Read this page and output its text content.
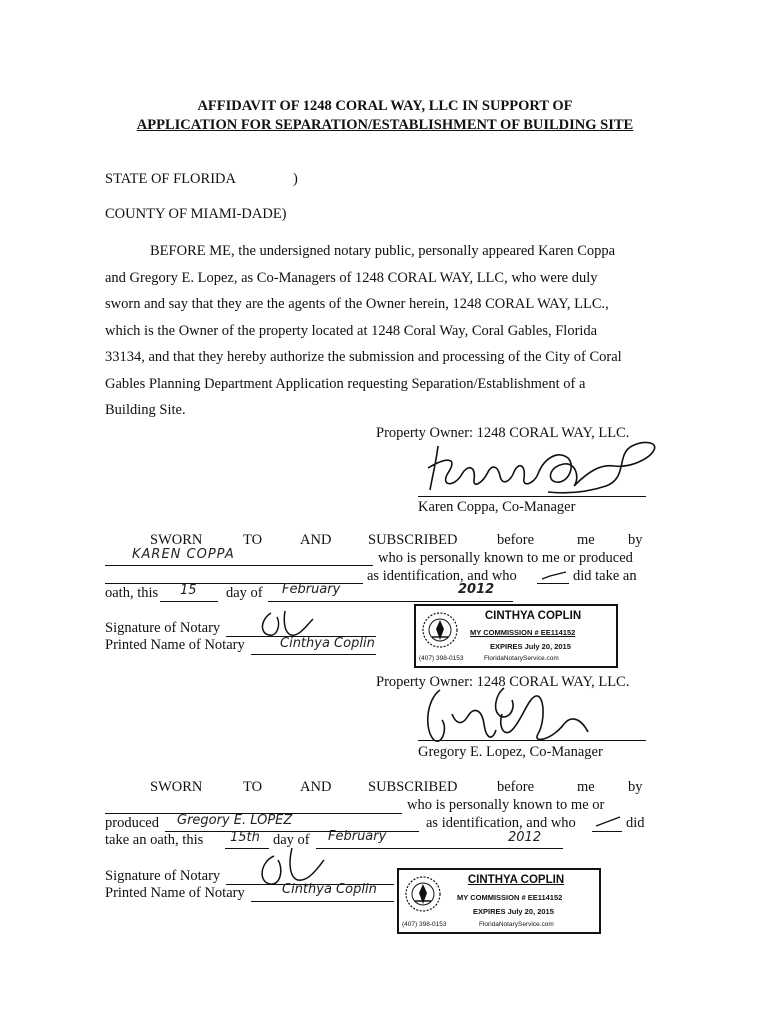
AFFIDAVIT OF 1248 CORAL WAY, LLC IN SUPPORT OF
APPLICATION FOR SEPARATION/ESTABLISHMENT OF BUILDING SITE
STATE OF FLORIDA	)
COUNTY OF MIAMI-DADE)
BEFORE ME, the undersigned notary public, personally appeared Karen Coppa
and Gregory E. Lopez, as Co-Managers of 1248 CORAL WAY, LLC, who were duly
sworn and say that they are the agents of the Owner herein, 1248 CORAL WAY, LLC.,
which is the Owner of the property located at 1248 Coral Way, Coral Gables, Florida
33134, and that they hereby authorize the submission and processing of the City of Coral
Gables Planning Department Application requesting Separation/Establishment of a
Building Site.
Property Owner: 1248 CORAL WAY, LLC.
Karen Coppa, Co-Manager
SWORN	TO	AND	SUBSCRIBED	before	me by
KAREN COPPA	who is personally known to me or produced
as identification, and who	did take an
oath, this 15 day of February	2012
Signature of Notary
Printed Name of Notary	Cinthya Coplin
CINTHYA COPLIN
MY COMMISSION # EE114152
EXPIRES July 20, 2015
(407) 398-0153	FloridaNotaryService.com
Property Owner: 1248 CORAL WAY, LLC.
Gregory E. Lopez, Co-Manager
SWORN	TO	AND	SUBSCRIBED	before	me by
who is personally known to me or
produced Gregory E. LOPEZ	as identification, and who	did
take an oath, this 15th day of February	2012
Signature of Notary
Printed Name of Notary	Cinthya Coplin
CINTHYA COPLIN
MY COMMISSION # EE114152
EXPIRES July 20, 2015
(407) 398-0153	FloridaNotaryService.com
